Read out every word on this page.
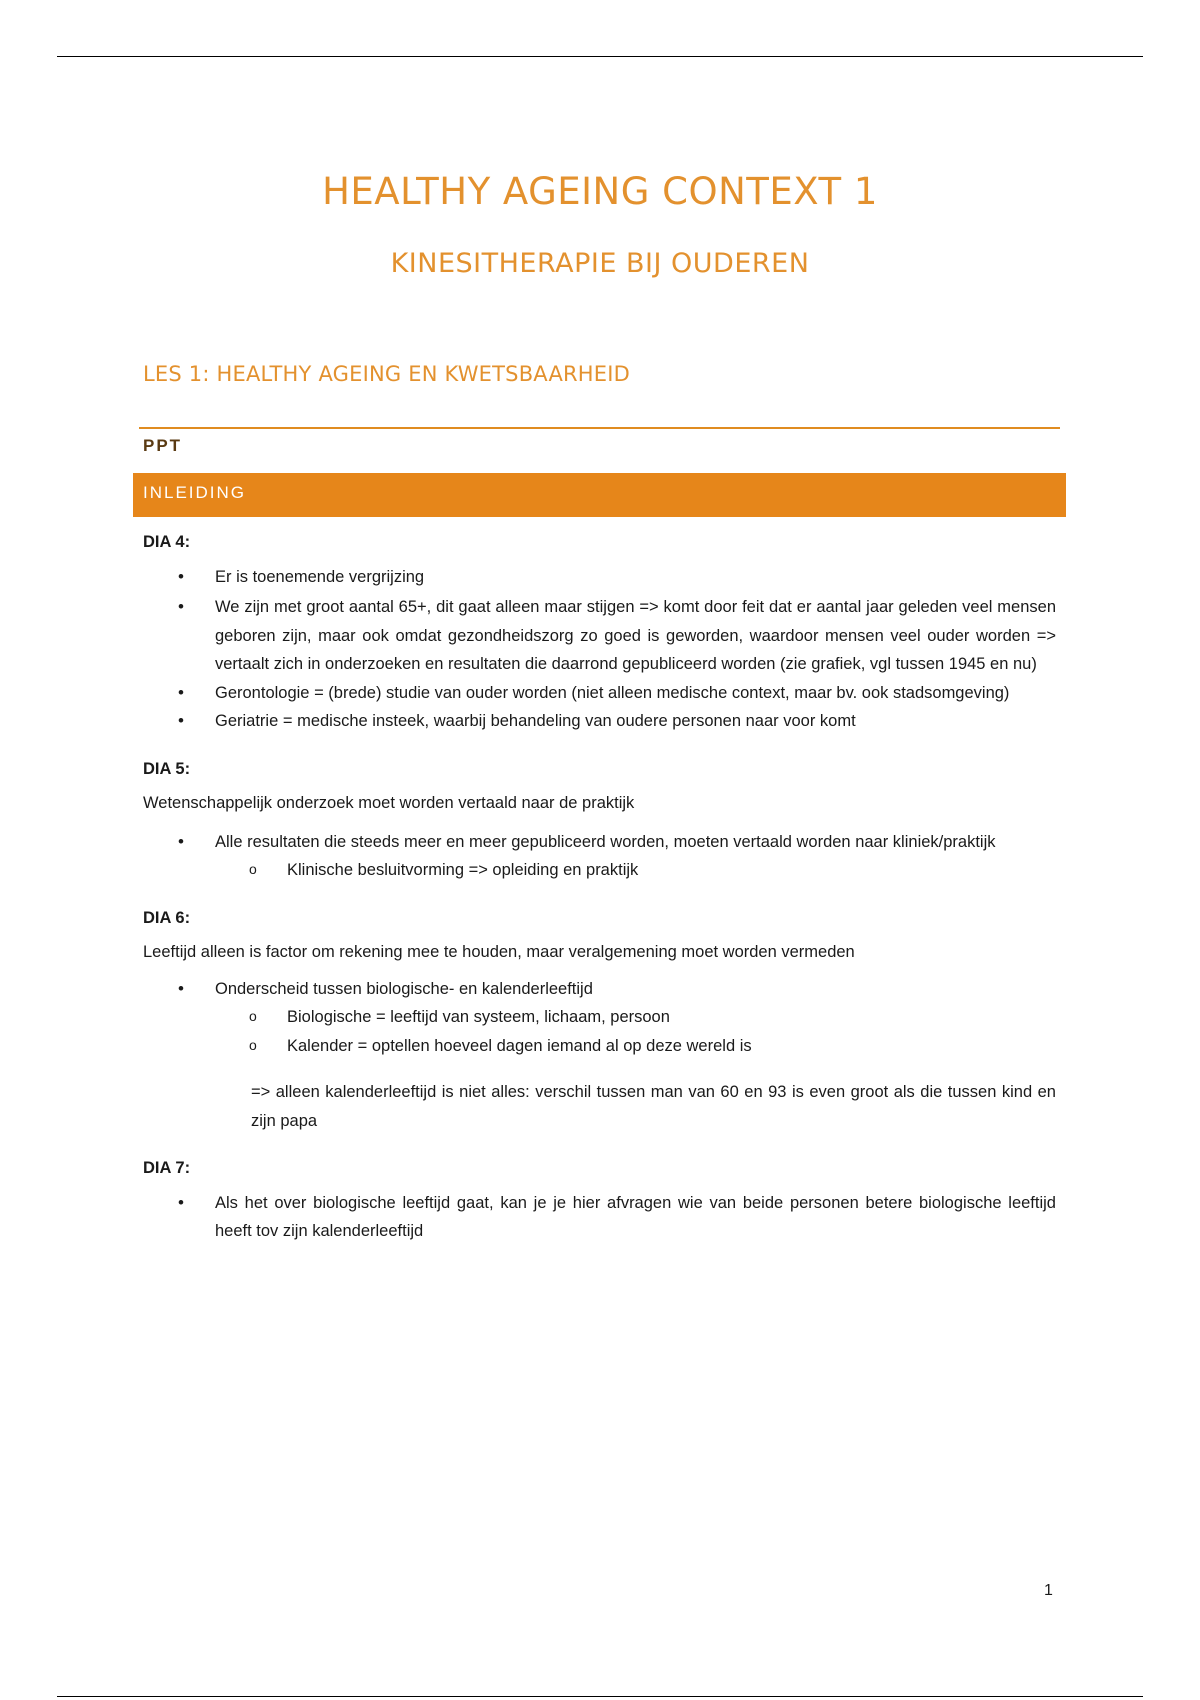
HEALTHY AGEING CONTEXT 1
KINESITHERAPIE BIJ OUDEREN
LES 1: HEALTHY AGEING EN KWETSBAARHEID
PPT
INLEIDING

DIA 4:

• Er is toenemende vergrijzing
• We zijn met groot aantal 65+, dit gaat alleen maar stijgen => komt door feit dat er aantal jaar geleden veel mensen geboren zijn, maar ook omdat gezondheidszorg zo goed is geworden, waardoor mensen veel ouder worden => vertaalt zich in onderzoeken en resultaten die daarrond gepubliceerd worden (zie grafiek, vgl tussen 1945 en nu)
• Gerontologie = (brede) studie van ouder worden (niet alleen medische context, maar bv. ook stadsomgeving)
• Geriatrie = medische insteek, waarbij behandeling van oudere personen naar voor komt

DIA 5:

Wetenschappelijk onderzoek moet worden vertaald naar de praktijk

• Alle resultaten die steeds meer en meer gepubliceerd worden, moeten vertaald worden naar kliniek/praktijk
o Klinische besluitvorming => opleiding en praktijk

DIA 6:

Leeftijd alleen is factor om rekening mee te houden, maar veralgemening moet worden vermeden

• Onderscheid tussen biologische- en kalenderleeftijd
o Biologische = leeftijd van systeem, lichaam, persoon
o Kalender = optellen hoeveel dagen iemand al op deze wereld is

=> alleen kalenderleeftijd is niet alles: verschil tussen man van 60 en 93 is even groot als die tussen kind en zijn papa

DIA 7:

• Als het over biologische leeftijd gaat, kan je je hier afvragen wie van beide personen betere biologische leeftijd heeft tov zijn kalenderleeftijd
1
